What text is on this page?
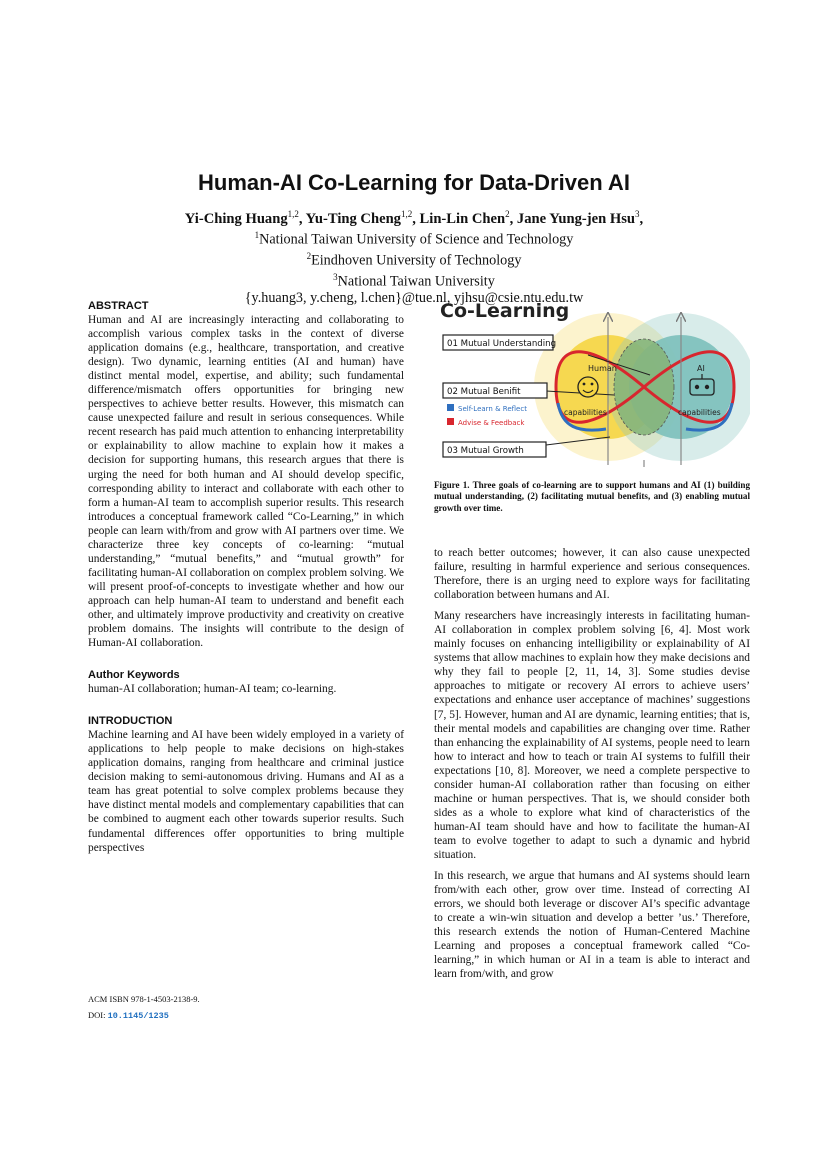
Human-AI Co-Learning for Data-Driven AI
Yi-Ching Huang$^{1,2}$, Yu-Ting Cheng$^{1,2}$, Lin-Lin Chen$^2$, Jane Yung-jen Hsu$^3$,
$^1$National Taiwan University of Science and Technology
$^2$Eindhoven University of Technology
$^3$National Taiwan University
{y.huang3, y.cheng, l.chen}@tue.nl, yjhsu@csie.ntu.edu.tw
ABSTRACT

Human and AI are increasingly interacting and collaborating to accomplish various complex tasks in the context of diverse application domains (e.g., healthcare, transportation, and creative design). Two dynamic, learning entities (AI and human) have distinct mental model, expertise, and ability; such fundamental difference/mismatch offers opportunities for bringing new perspectives to achieve better results. However, this mismatch can cause unexpected failure and result in serious consequences. While recent research has paid much attention to enhancing interpretability or explainability to allow machine to explain how it makes a decision for supporting humans, this research argues that there is urging the need for both human and AI should develop specific, corresponding ability to interact and collaborate with each other to form a human-AI team to accomplish superior results. This research introduces a conceptual framework called “Co-Learning,” in which people can learn with/from and grow with AI partners over time. We characterize three key concepts of co-learning: “mutual understanding,” “mutual benefits,” and “mutual growth” for facilitating human-AI collaboration on complex problem solving. We will present proof-of-concepts to investigate whether and how our approach can help human-AI team to understand and benefit each other, and ultimately improve productivity and creativity on creative problem domains. The insights will contribute to the design of Human-AI collaboration.

Author Keywords

human-AI collaboration; human-AI team; co-learning.

INTRODUCTION

Machine learning and AI have been widely employed in a variety of applications to help people to make decisions on high-stakes application domains, ranging from healthcare and criminal justice decision making to semi-autonomous driving. Humans and AI as a team has great potential to solve complex problems because they have distinct mental models and complementary capabilities that can be combined to augment each other towards superior results. Such fundamental differences offer opportunities to bring multiple perspectives

ACM ISBN 978-1-4503-2138-9.
DOI: 10.1145/1235
Co-Learning
01 Mutual Understanding
02 Mutual Benifit
Self-Learn & Reflect
Advise & Feedback
03 Mutual Growth
Human
capabilities
AI
capabilities
Figure 1. Three goals of co-learning are to support humans and AI (1) building mutual understanding, (2) facilitating mutual benefits, and (3) enabling mutual growth over time.

to reach better outcomes; however, it can also cause unexpected failure, resulting in harmful experience and serious consequences. Therefore, there is an urging need to explore ways for facilitating collaboration between humans and AI.

Many researchers have increasingly interests in facilitating human-AI collaboration in complex problem solving [6, 4]. Most work mainly focuses on enhancing intelligibility or explainability of AI systems that allow machines to explain how they make decisions and why they fail to people [2, 11, 14, 3]. Some studies devise approaches to mitigate or recovery AI errors to achieve users’ expectations and enhance user acceptance of machines’ suggestions [7, 5]. However, human and AI are dynamic, learning entities; that is, their mental models and capabilities are changing over time. Rather than enhancing the explainability of AI systems, people need to learn how to interact and how to teach or train AI systems to fulfill their expectations [10, 8]. Moreover, we need a complete perspective to consider human-AI collaboration rather than focusing on either machine or human perspectives. That is, we should consider both sides as a whole to explore what kind of characteristics of the human-AI team should have and how to facilitate the human-AI team to evolve together to adapt to such a dynamic and hybrid situation.

In this research, we argue that humans and AI systems should learn from/with each other, grow over time. Instead of correcting AI errors, we should both leverage or discover AI’s specific advantage to create a win-win situation and develop a better ’us.’ Therefore, this research extends the notion of Human-Centered Machine Learning and proposes a conceptual framework called “Co-learning,” in which human or AI in a team is able to interact and learn from/with, and grow
